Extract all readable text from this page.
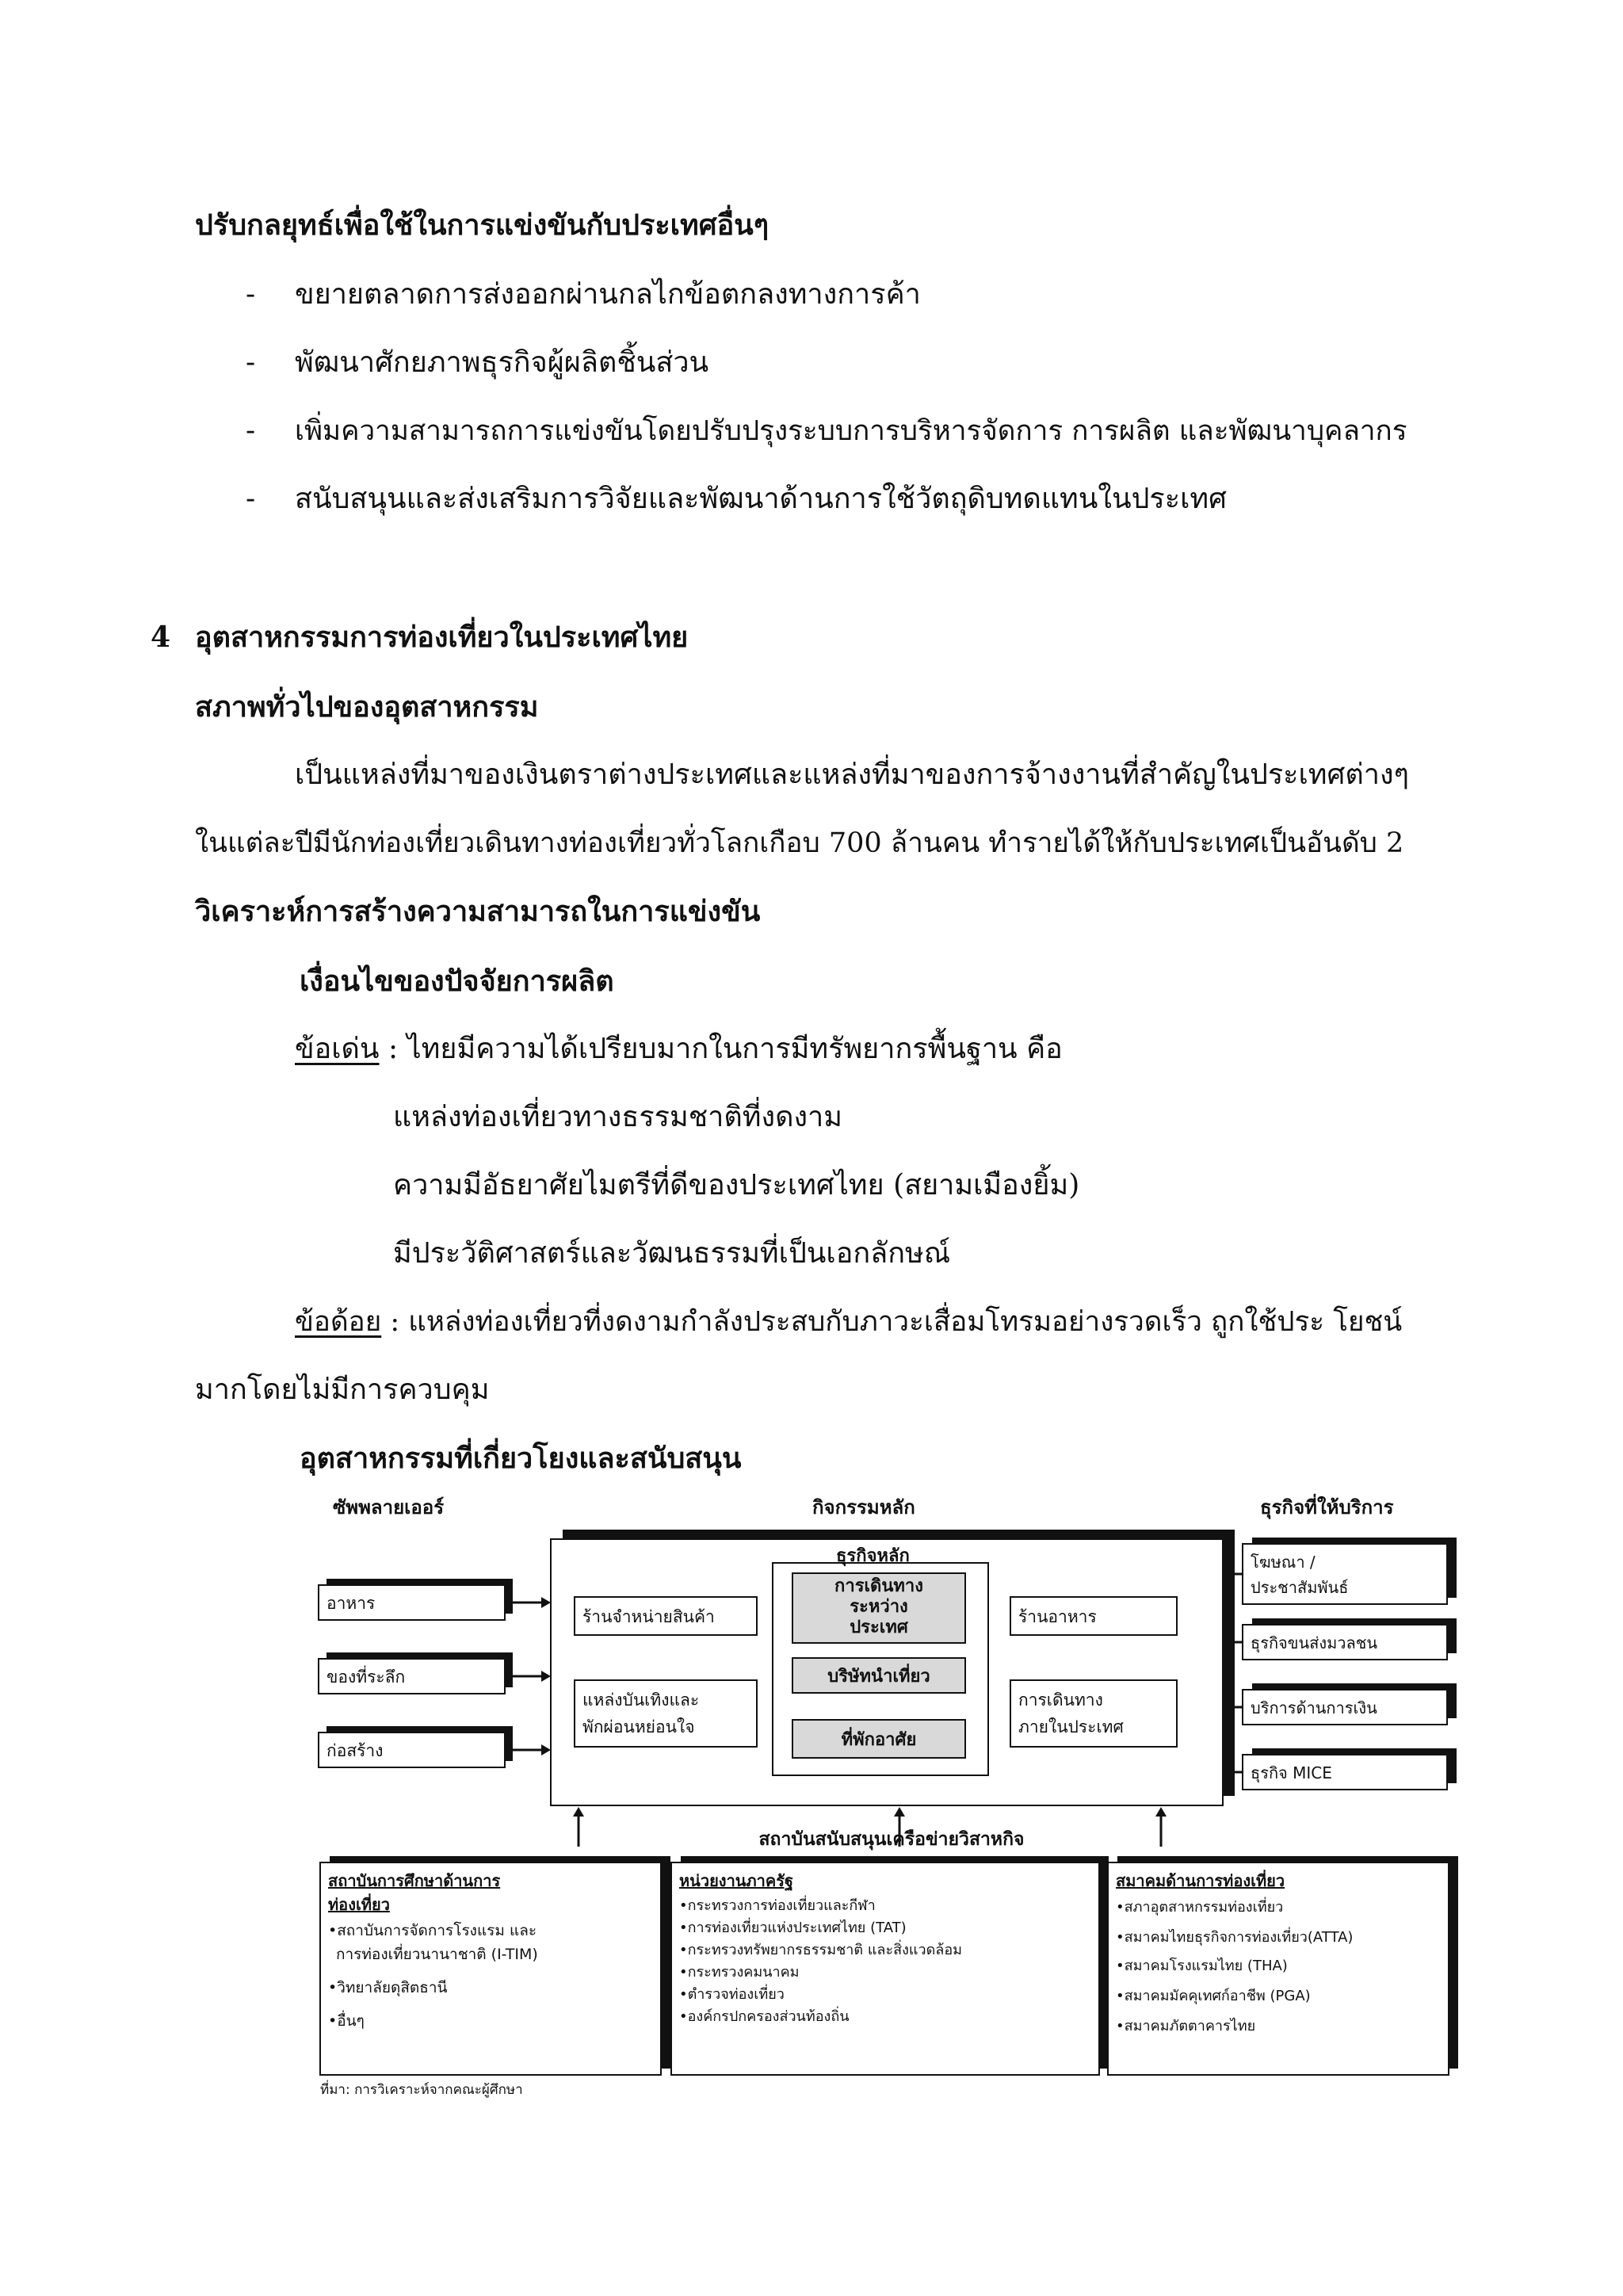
ปรับกลยุทธ์เพื่อใช้ในการแข่งขันกับประเทศอื่นๆ
- ขยายตลาดการส่งออกผ่านกลไกข้อตกลงทางการค้า
- พัฒนาศักยภาพธุรกิจผู้ผลิตชิ้นส่วน
- เพิ่มความสามารถการแข่งขันโดยปรับปรุงระบบการบริหารจัดการ การผลิต และพัฒนาบุคลากร
- สนับสนุนและส่งเสริมการวิจัยและพัฒนาด้านการใช้วัตถุดิบทดแทนในประเทศ
4 อุตสาหกรรมการท่องเที่ยวในประเทศไทย
สภาพทั่วไปของอุตสาหกรรม
เป็นแหล่งที่มาของเงินตราต่างประเทศและแหล่งที่มาของการจ้างงานที่สำคัญในประเทศต่างๆ
ในแต่ละปีมีนักท่องเที่ยวเดินทางท่องเที่ยวทั่วโลกเกือบ 700 ล้านคน ทำรายได้ให้กับประเทศเป็นอันดับ 2
วิเคราะห์การสร้างความสามารถในการแข่งขัน
เงื่อนไขของปัจจัยการผลิต
ข้อเด่น : ไทยมีความได้เปรียบมากในการมีทรัพยากรพื้นฐาน คือ
แหล่งท่องเที่ยวทางธรรมชาติที่งดงาม
ความมีอัธยาศัยไมตรีที่ดีของประเทศไทย (สยามเมืองยิ้ม)
มีประวัติศาสตร์และวัฒนธรรมที่เป็นเอกลักษณ์
ข้อด้อย : แหล่งท่องเที่ยวที่งดงามกำลังประสบกับภาวะเสื่อมโทรมอย่างรวดเร็ว ถูกใช้ประ โยชน์
มากโดยไม่มีการควบคุม
อุตสาหกรรมที่เกี่ยวโยงและสนับสนุน
ซัพพลายเออร์	กิจกรรมหลัก	ธุรกิจที่ให้บริการ
ธุรกิจหลัก
การเดินทาง
ระหว่าง
ประเทศ
บริษัทนำเที่ยว
ที่พักอาศัย
ร้านจำหน่ายสินค้า
แหล่งบันเทิงและ
พักผ่อนหย่อนใจ
ร้านอาหาร
การเดินทาง
ภายในประเทศ
อาหาร
ของที่ระลึก
ก่อสร้าง
โฆษณา /
ประชาสัมพันธ์
ธุรกิจขนส่งมวลชน
บริการด้านการเงิน
ธุรกิจ MICE
สถาบันสนับสนุนเครือข่ายวิสาหกิจ
สถาบันการศึกษาด้านการ
ท่องเที่ยว
•สถาบันการจัดการโรงแรม และ
การท่องเที่ยวนานาชาติ (I-TIM)
•วิทยาลัยดุสิตธานี
•อื่นๆ
หน่วยงานภาครัฐ
•กระทรวงการท่องเที่ยวและกีฬา
•การท่องเที่ยวแห่งประเทศไทย (TAT)
•กระทรวงทรัพยากรธรรมชาติ และสิ่งแวดล้อม
•กระทรวงคมนาคม
•ตำรวจท่องเที่ยว
•องค์กรปกครองส่วนท้องถิ่น
สมาคมด้านการท่องเที่ยว
•สภาอุตสาหกรรมท่องเที่ยว
•สมาคมไทยธุรกิจการท่องเที่ยว(ATTA)
•สมาคมโรงแรมไทย (THA)
•สมาคมมัคคุเทศก์อาชีพ (PGA)
•สมาคมภัตตาคารไทย
ที่มา: การวิเคราะห์จากคณะผู้ศึกษา
